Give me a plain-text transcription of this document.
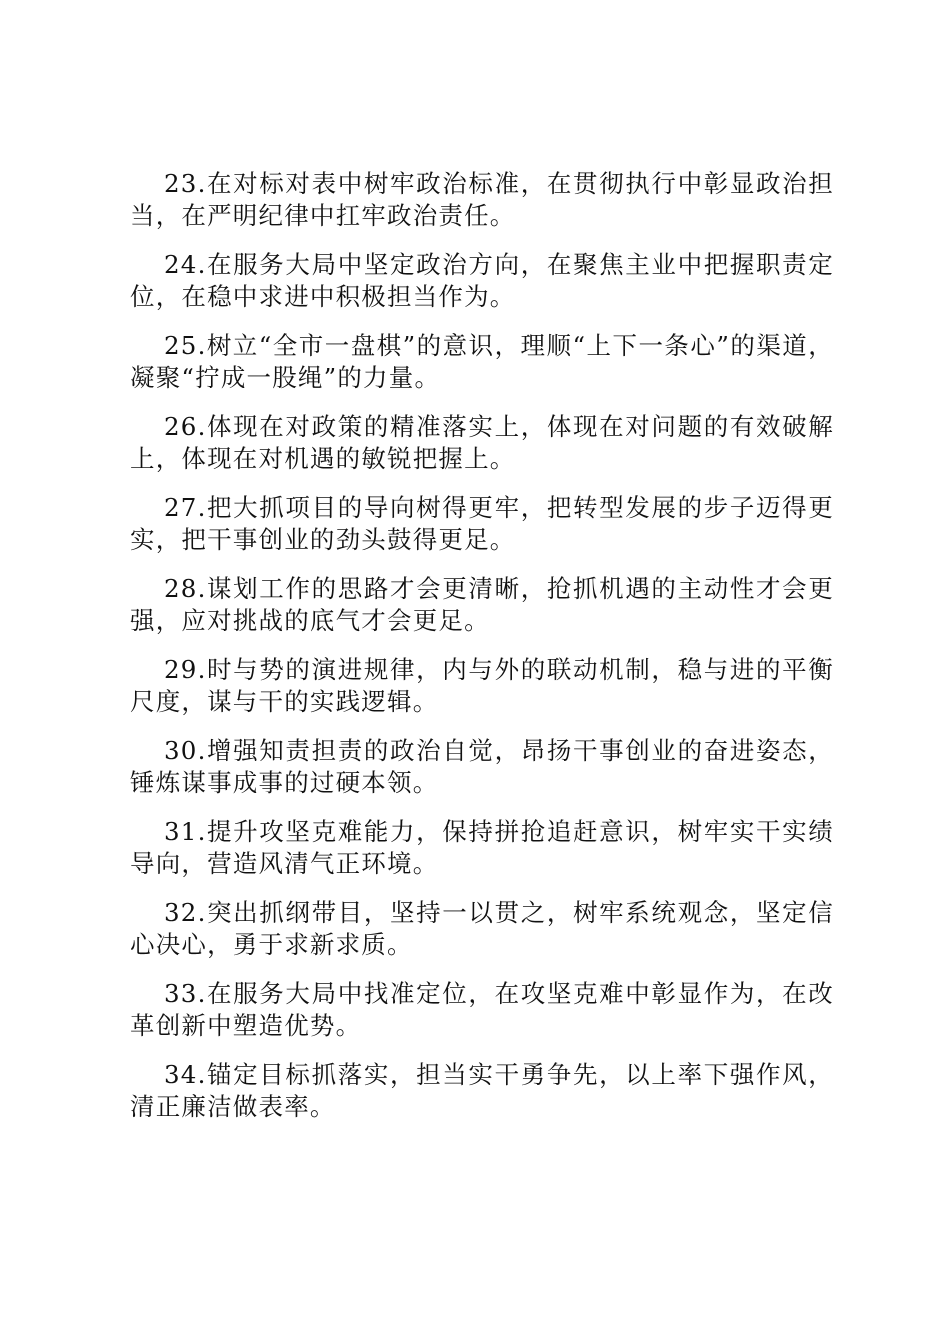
23.在对标对表中树牢政治标准，在贯彻执行中彰显政治担当，在严明纪律中扛牢政治责任。

24.在服务大局中坚定政治方向，在聚焦主业中把握职责定位，在稳中求进中积极担当作为。

25.树立“全市一盘棋”的意识，理顺“上下一条心”的渠道，凝聚“拧成一股绳”的力量。

26.体现在对政策的精准落实上，体现在对问题的有效破解上，体现在对机遇的敏锐把握上。

27.把大抓项目的导向树得更牢，把转型发展的步子迈得更实，把干事创业的劲头鼓得更足。

28.谋划工作的思路才会更清晰，抢抓机遇的主动性才会更强，应对挑战的底气才会更足。

29.时与势的演进规律，内与外的联动机制，稳与进的平衡尺度，谋与干的实践逻辑。

30.增强知责担责的政治自觉，昂扬干事创业的奋进姿态，锤炼谋事成事的过硬本领。

31.提升攻坚克难能力，保持拼抢追赶意识，树牢实干实绩导向，营造风清气正环境。

32.突出抓纲带目，坚持一以贯之，树牢系统观念，坚定信心决心，勇于求新求质。

33.在服务大局中找准定位，在攻坚克难中彰显作为，在改革创新中塑造优势。

34.锚定目标抓落实，担当实干勇争先，以上率下强作风，清正廉洁做表率。
